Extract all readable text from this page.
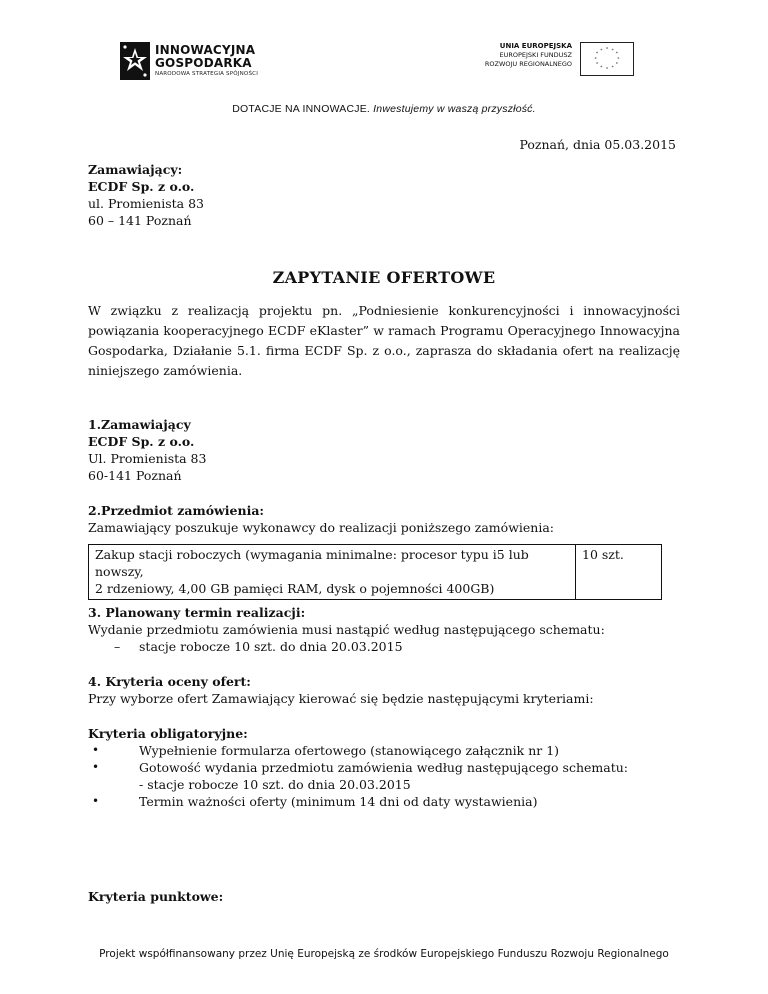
INNOWACYJNA
GOSPODARKA
NARODOWA STRATEGIA SPÓJNOŚCI
UNIA EUROPEJSKA
EUROPEJSKI FUNDUSZ
ROZWOJU REGIONALNEGO
* *
*
*
*
*
*
*
*
*
*
*
DOTACJE NA INNOWACJE. Inwestujemy w waszą przyszłość.
Poznań, dnia 05.03.2015
Zamawiający:
ECDF Sp. z o.o.
ul. Promienista 83
60 – 141 Poznań
ZAPYTANIE OFERTOWE
W związku z realizacją projektu pn. „Podniesienie konkurencyjności i innowacyjności
powiązania kooperacyjnego ECDF eKlaster” w ramach Programu Operacyjnego Innowacyjna
Gospodarka, Działanie 5.1. firma ECDF Sp. z o.o., zaprasza do składania ofert na realizację
niniejszego zamówienia.
1.Zamawiający
ECDF Sp. z o.o.
Ul. Promienista 83
60-141 Poznań
2.Przedmiot zamówienia:
Zamawiający poszukuje wykonawcy do realizacji poniższego zamówienia:
Zakup stacji roboczych (wymagania minimalne: procesor typu i5 lub nowszy,
2 rdzeniowy, 4,00 GB pamięci RAM, dysk o pojemności 400GB)
	10 szt.
3. Planowany termin realizacji:
Wydanie przedmiotu zamówienia musi nastąpić według następującego schematu:
– stacje robocze 10 szt. do dnia 20.03.2015
4. Kryteria oceny ofert:
Przy wyborze ofert Zamawiający kierować się będzie następującymi kryteriami:
Kryteria obligatoryjne:
•	Wypełnienie formularza ofertowego (stanowiącego załącznik nr 1)
•	Gotowość wydania przedmiotu zamówienia według następującego schematu:
- stacje robocze 10 szt. do dnia 20.03.2015
•	Termin ważności oferty (minimum 14 dni od daty wystawienia)
Kryteria punktowe:
Projekt współfinansowany przez Unię Europejską ze środków Europejskiego Funduszu Rozwoju Regionalnego
